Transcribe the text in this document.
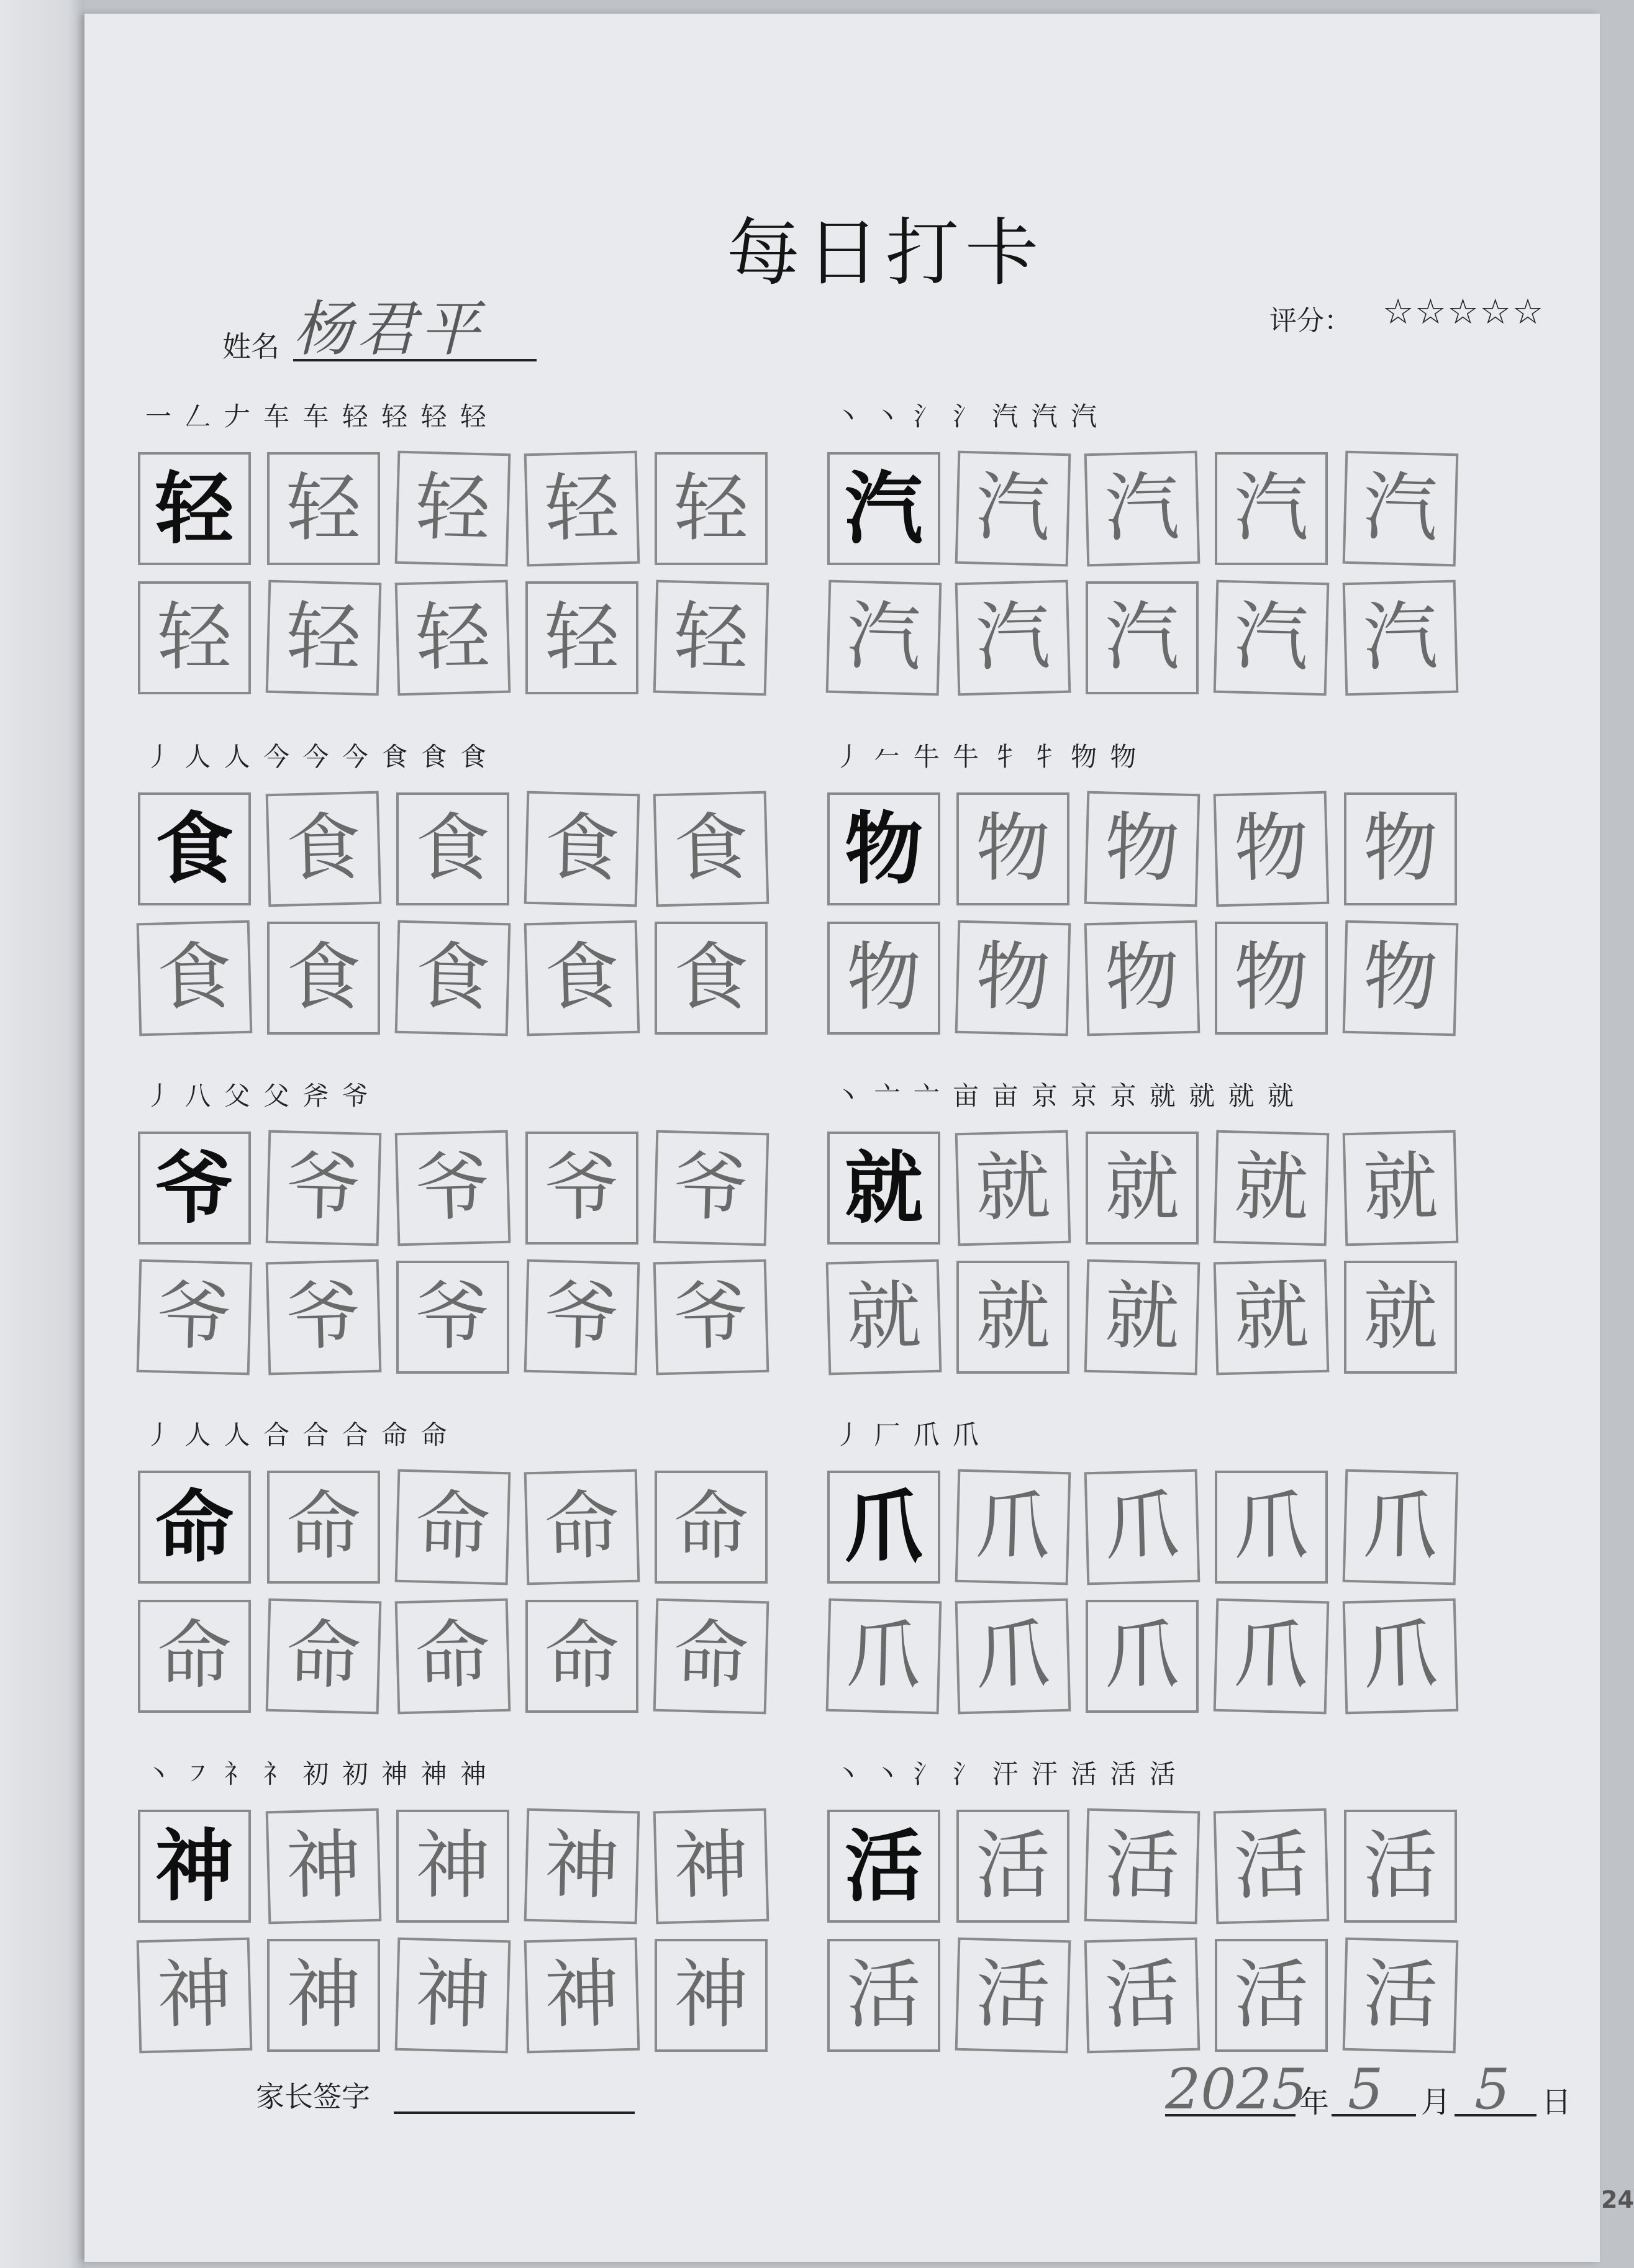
每日打卡
姓名 杨君平	评分： ☆☆☆☆☆
一 𠃋 𠂇 车 车 轻 轻 轻 轻
轻 轻 轻 轻 轻
轻 轻 轻 轻 轻
丶 丶 氵 氵 汽 汽 汽
汽 汽 汽 汽 汽
汽 汽 汽 汽 汽
丿 人 人 今 今 今 食 食 食
食 食 食 食 食
食 食 食 食 食
丿 𠂉 牛 牛 牜 牜 物 物
物 物 物 物 物
物 物 物 物 物
丿 八 父 父 斧 爷
爷 爷 爷 爷 爷
爷 爷 爷 爷 爷
丶 亠 亠 亩 亩 京 京 京 就 就 就 就
就 就 就 就 就
就 就 就 就 就
丿 人 人 合 合 合 命 命
命 命 命 命 命
命 命 命 命 命
丿 厂 爪 爪
爪 爪 爪 爪 爪
爪 爪 爪 爪 爪
丶 ㇇ 礻 礻 初 初 神 神 神
神 神 神 神 神
神 神 神 神 神
丶 丶 氵 氵 汗 汗 活 活 活
活 活 活 活 活
活 活 活 活 活
家长签字	2025
年 5 月 5 日
24
